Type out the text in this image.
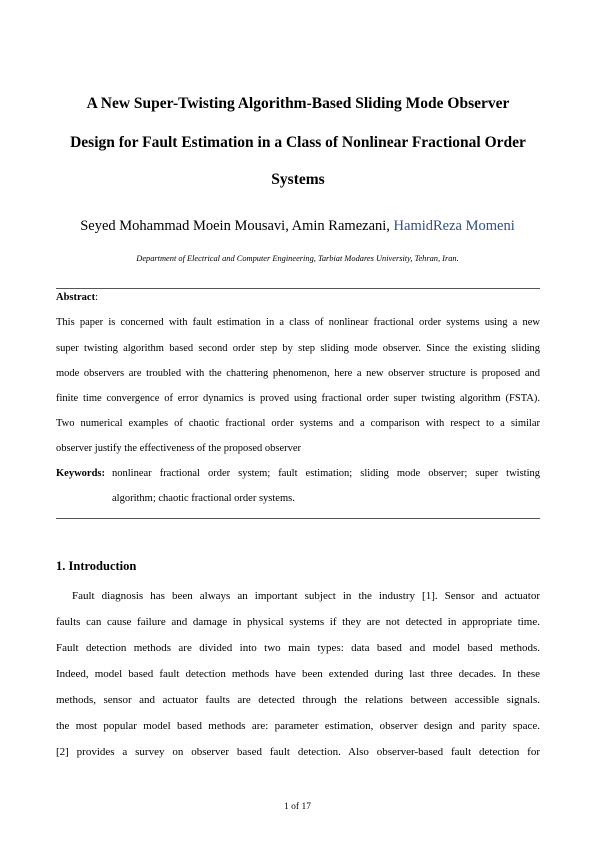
A New Super-Twisting Algorithm-Based Sliding Mode Observer
Design for Fault Estimation in a Class of Nonlinear Fractional Order
Systems
Seyed Mohammad Moein Mousavi, Amin Ramezani, HamidReza Momeni
Department of Electrical and Computer Engineering, Tarbiat Modares University, Tehran, Iran.
Abstract:
This paper is concerned with fault estimation in a class of nonlinear fractional order systems using a new
super twisting algorithm based second order step by step sliding mode observer. Since the existing sliding
mode observers are troubled with the chattering phenomenon, here a new observer structure is proposed and
finite time convergence of error dynamics is proved using fractional order super twisting algorithm (FSTA).
Two numerical examples of chaotic fractional order systems and a comparison with respect to a similar
observer justify the effectiveness of the proposed observer
Keywords: nonlinear fractional order system; fault estimation; sliding mode observer; super twisting
algorithm; chaotic fractional order systems.
1. Introduction
Fault diagnosis has been always an important subject in the industry [1]. Sensor and actuator
faults can cause failure and damage in physical systems if they are not detected in appropriate time.
Fault detection methods are divided into two main types: data based and model based methods.
Indeed, model based fault detection methods have been extended during last three decades. In these
methods, sensor and actuator faults are detected through the relations between accessible signals.
the most popular model based methods are: parameter estimation, observer design and parity space.
[2] provides a survey on observer based fault detection. Also observer-based fault detection for
1 of 17
